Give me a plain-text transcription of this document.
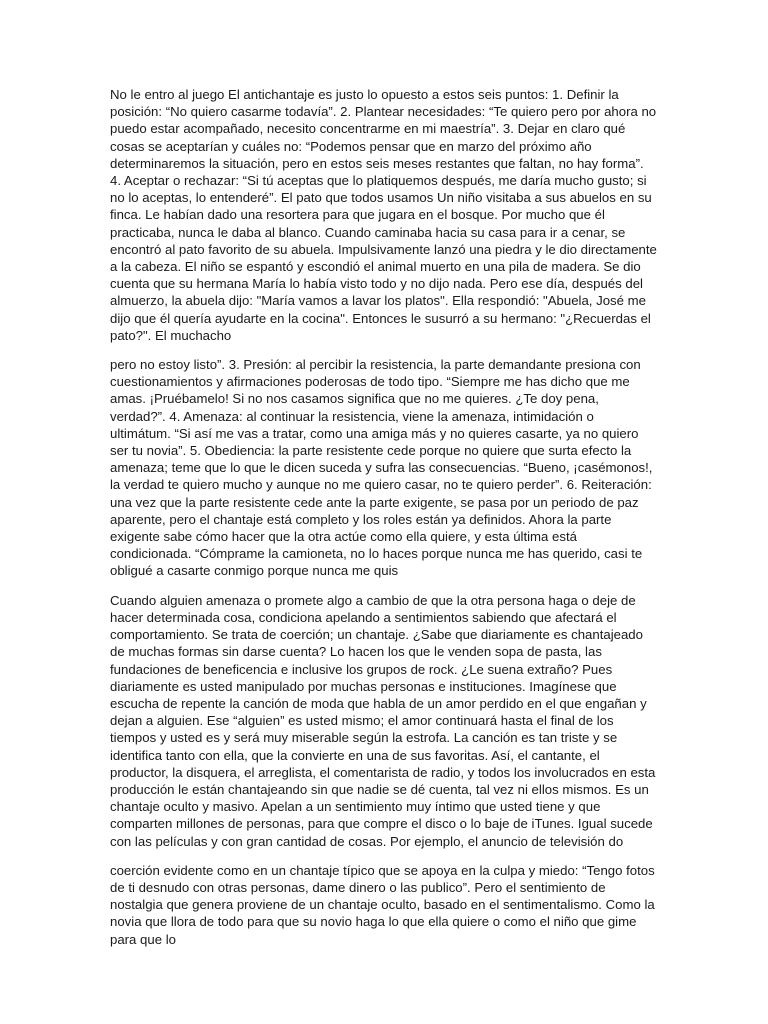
No le entro al juego El antichantaje es justo lo opuesto a estos seis puntos: 1. Definir la posición: “No quiero casarme todavía”. 2. Plantear necesidades: “Te quiero pero por ahora no puedo estar acompañado, necesito concentrarme en mi maestría”. 3. Dejar en claro qué cosas se aceptarían y cuáles no: “Podemos pensar que en marzo del próximo año determinaremos la situación, pero en estos seis meses restantes que faltan, no hay forma”. 4. Aceptar o rechazar: “Si tú aceptas que lo platiquemos después, me daría mucho gusto; si no lo aceptas, lo entenderé”. El pato que todos usamos Un niño visitaba a sus abuelos en su finca. Le habían dado una resortera para que jugara en el bosque. Por mucho que él practicaba, nunca le daba al blanco. Cuando caminaba hacia su casa para ir a cenar, se encontró al pato favorito de su abuela. Impulsivamente lanzó una piedra y le dio directamente a la cabeza. El niño se espantó y escondió el animal muerto en una pila de madera. Se dio cuenta que su hermana María lo había visto todo y no dijo nada. Pero ese día, después del almuerzo, la abuela dijo: "María vamos a lavar los platos". Ella respondió: "Abuela, José me dijo que él quería ayudarte en la cocina". Entonces le susurró a su hermano: "¿Recuerdas el pato?". El muchacho

pero no estoy listo”. 3. Presión: al percibir la resistencia, la parte demandante presiona con cuestionamientos y afirmaciones poderosas de todo tipo. “Siempre me has dicho que me amas. ¡Pruébamelo! Si no nos casamos significa que no me quieres. ¿Te doy pena, verdad?”. 4. Amenaza: al continuar la resistencia, viene la amenaza, intimidación o ultimátum. “Si así me vas a tratar, como una amiga más y no quieres casarte, ya no quiero ser tu novia”. 5. Obediencia: la parte resistente cede porque no quiere que surta efecto la amenaza; teme que lo que le dicen suceda y sufra las consecuencias. “Bueno, ¡casémonos!, la verdad te quiero mucho y aunque no me quiero casar, no te quiero perder”. 6. Reiteración: una vez que la parte resistente cede ante la parte exigente, se pasa por un periodo de paz aparente, pero el chantaje está completo y los roles están ya definidos. Ahora la parte exigente sabe cómo hacer que la otra actúe como ella quiere, y esta última está condicionada. “Cómprame la camioneta, no lo haces porque nunca me has querido, casi te obligué a casarte conmigo porque nunca me quis

Cuando alguien amenaza o promete algo a cambio de que la otra persona haga o deje de hacer determinada cosa, condiciona apelando a sentimientos sabiendo que afectará el comportamiento. Se trata de coerción; un chantaje. ¿Sabe que diariamente es chantajeado de muchas formas sin darse cuenta? Lo hacen los que le venden sopa de pasta, las fundaciones de beneficencia e inclusive los grupos de rock. ¿Le suena extraño? Pues diariamente es usted manipulado por muchas personas e instituciones. Imagínese que escucha de repente la canción de moda que habla de un amor perdido en el que engañan y dejan a alguien. Ese “alguien” es usted mismo; el amor continuará hasta el final de los tiempos y usted es y será muy miserable según la estrofa. La canción es tan triste y se identifica tanto con ella, que la convierte en una de sus favoritas. Así, el cantante, el productor, la disquera, el arreglista, el comentarista de radio, y todos los involucrados en esta producción le están chantajeando sin que nadie se dé cuenta, tal vez ni ellos mismos. Es un chantaje oculto y masivo. Apelan a un sentimiento muy íntimo que usted tiene y que comparten millones de personas, para que compre el disco o lo baje de iTunes. Igual sucede con las películas y con gran cantidad de cosas. Por ejemplo, el anuncio de televisión do

coerción evidente como en un chantaje típico que se apoya en la culpa y miedo: “Tengo fotos de ti desnudo con otras personas, dame dinero o las publico”. Pero el sentimiento de nostalgia que genera proviene de un chantaje oculto, basado en el sentimentalismo. Como la novia que llora de todo para que su novio haga lo que ella quiere o como el niño que gime para que lo
